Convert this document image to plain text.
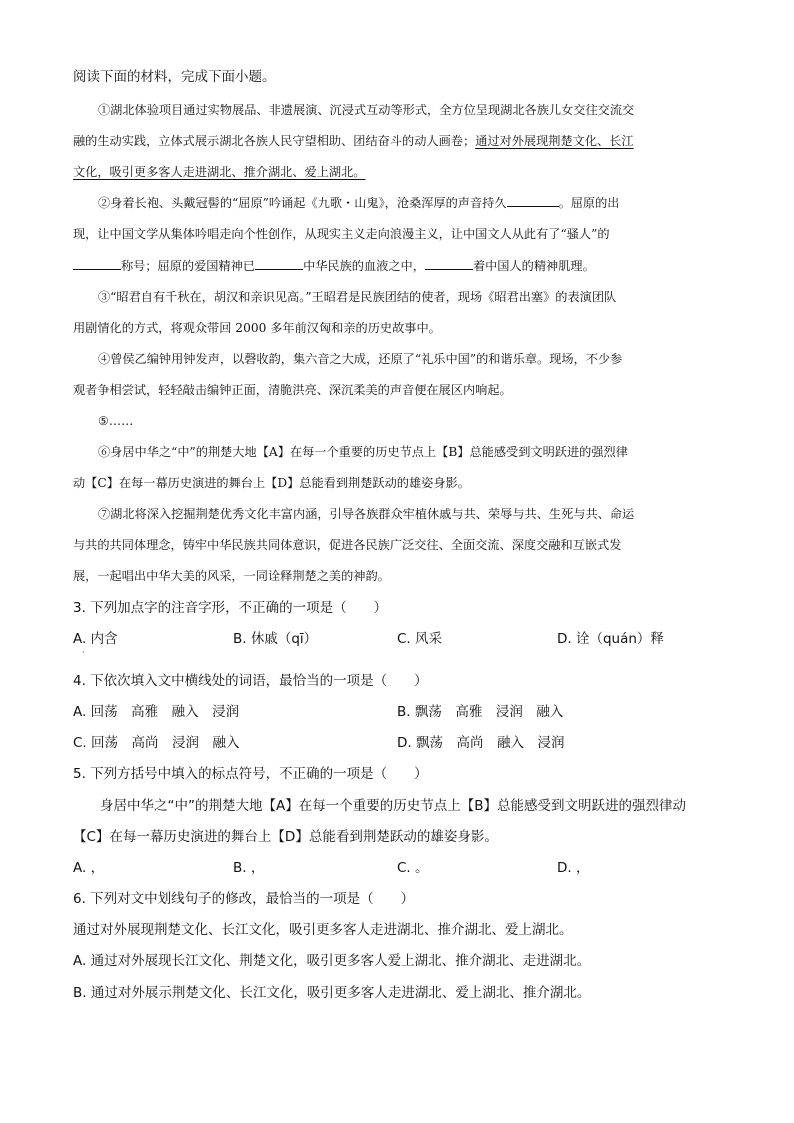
阅读下面的材料，完成下面小题。
①湖北体验项目通过实物展品、非遗展演、沉浸式互动等形式，全方位呈现湖北各族儿女交往交流交
融的生动实践，立体式展示湖北各族人民守望相助、团结奋斗的动人画卷；通过对外展现荆楚文化、长江
文化，吸引更多客人走进湖北、推介湖北、爱上湖北。
②身着长袍、头戴冠髻的“屈原”吟诵起《九歌・山鬼》，沧桑浑厚的声音持久	。屈原的出
现，让中国文学从集体吟唱走向个性创作，从现实主义走向浪漫主义，让中国文人从此有了“骚人”的
称号；屈原的爱国精神已	中华民族的血液之中，	着中国人的精神肌理。
③“昭君自有千秋在，胡汉和亲识见高。”王昭君是民族团结的使者，现场《昭君出塞》的表演团队
用剧情化的方式，将观众带回 2000 多年前汉匈和亲的历史故事中。
④曾侯乙编钟用钟发声，以磬收韵，集六音之大成，还原了“礼乐中国”的和谐乐章。现场，不少参
观者争相尝试，轻轻敲击编钟正面，清脆洪亮、深沉柔美的声音便在展区内响起。
⑤……
⑥身居中华之“中”的荆楚大地【A】在每一个重要的历史节点上【B】总能感受到文明跃进的强烈律
动【C】在每一幕历史演进的舞台上【D】总能看到荆楚跃动的雄姿身影。
⑦湖北将深入挖掘荆楚优秀文化丰富内涵，引导各族群众牢植休戚与共、荣辱与共、生死与共、命运
与共的共同体理念，铸牢中华民族共同体意识，促进各民族广泛交往、全面交流、深度交融和互嵌式发
展，一起唱出中华大美的风采，一同诠释荆楚之美的神韵。
3. 下列加点字的注音字形，不正确的一项是（　　）
A. 内含
·
B. 休戚（qī）	C. 风采	D. 诠（quán）释
4. 下依次填入文中横线处的词语，最恰当的一项是（　　）
A. 回荡　高雅　融入　浸润	B. 飘荡　高雅　浸润　融入
C. 回荡　高尚　浸润　融入	D. 飘荡　高尚　融入　浸润
5. 下列方括号中填入的标点符号，不正确的一项是（　　）
身居中华之“中”的荆楚大地【A】在每一个重要的历史节点上【B】总能感受到文明跃进的强烈律动
【C】在每一幕历史演进的舞台上【D】总能看到荆楚跃动的雄姿身影。
A. ，	B. ，	C. 。	D. ，
6. 下列对文中划线句子的修改，最恰当的一项是（　　）
通过对外展现荆楚文化、长江文化，吸引更多客人走进湖北、推介湖北、爱上湖北。
A. 通过对外展现长江文化、荆楚文化，吸引更多客人爱上湖北、推介湖北、走进湖北。
B. 通过对外展示荆楚文化、长江文化，吸引更多客人走进湖北、爱上湖北、推介湖北。
